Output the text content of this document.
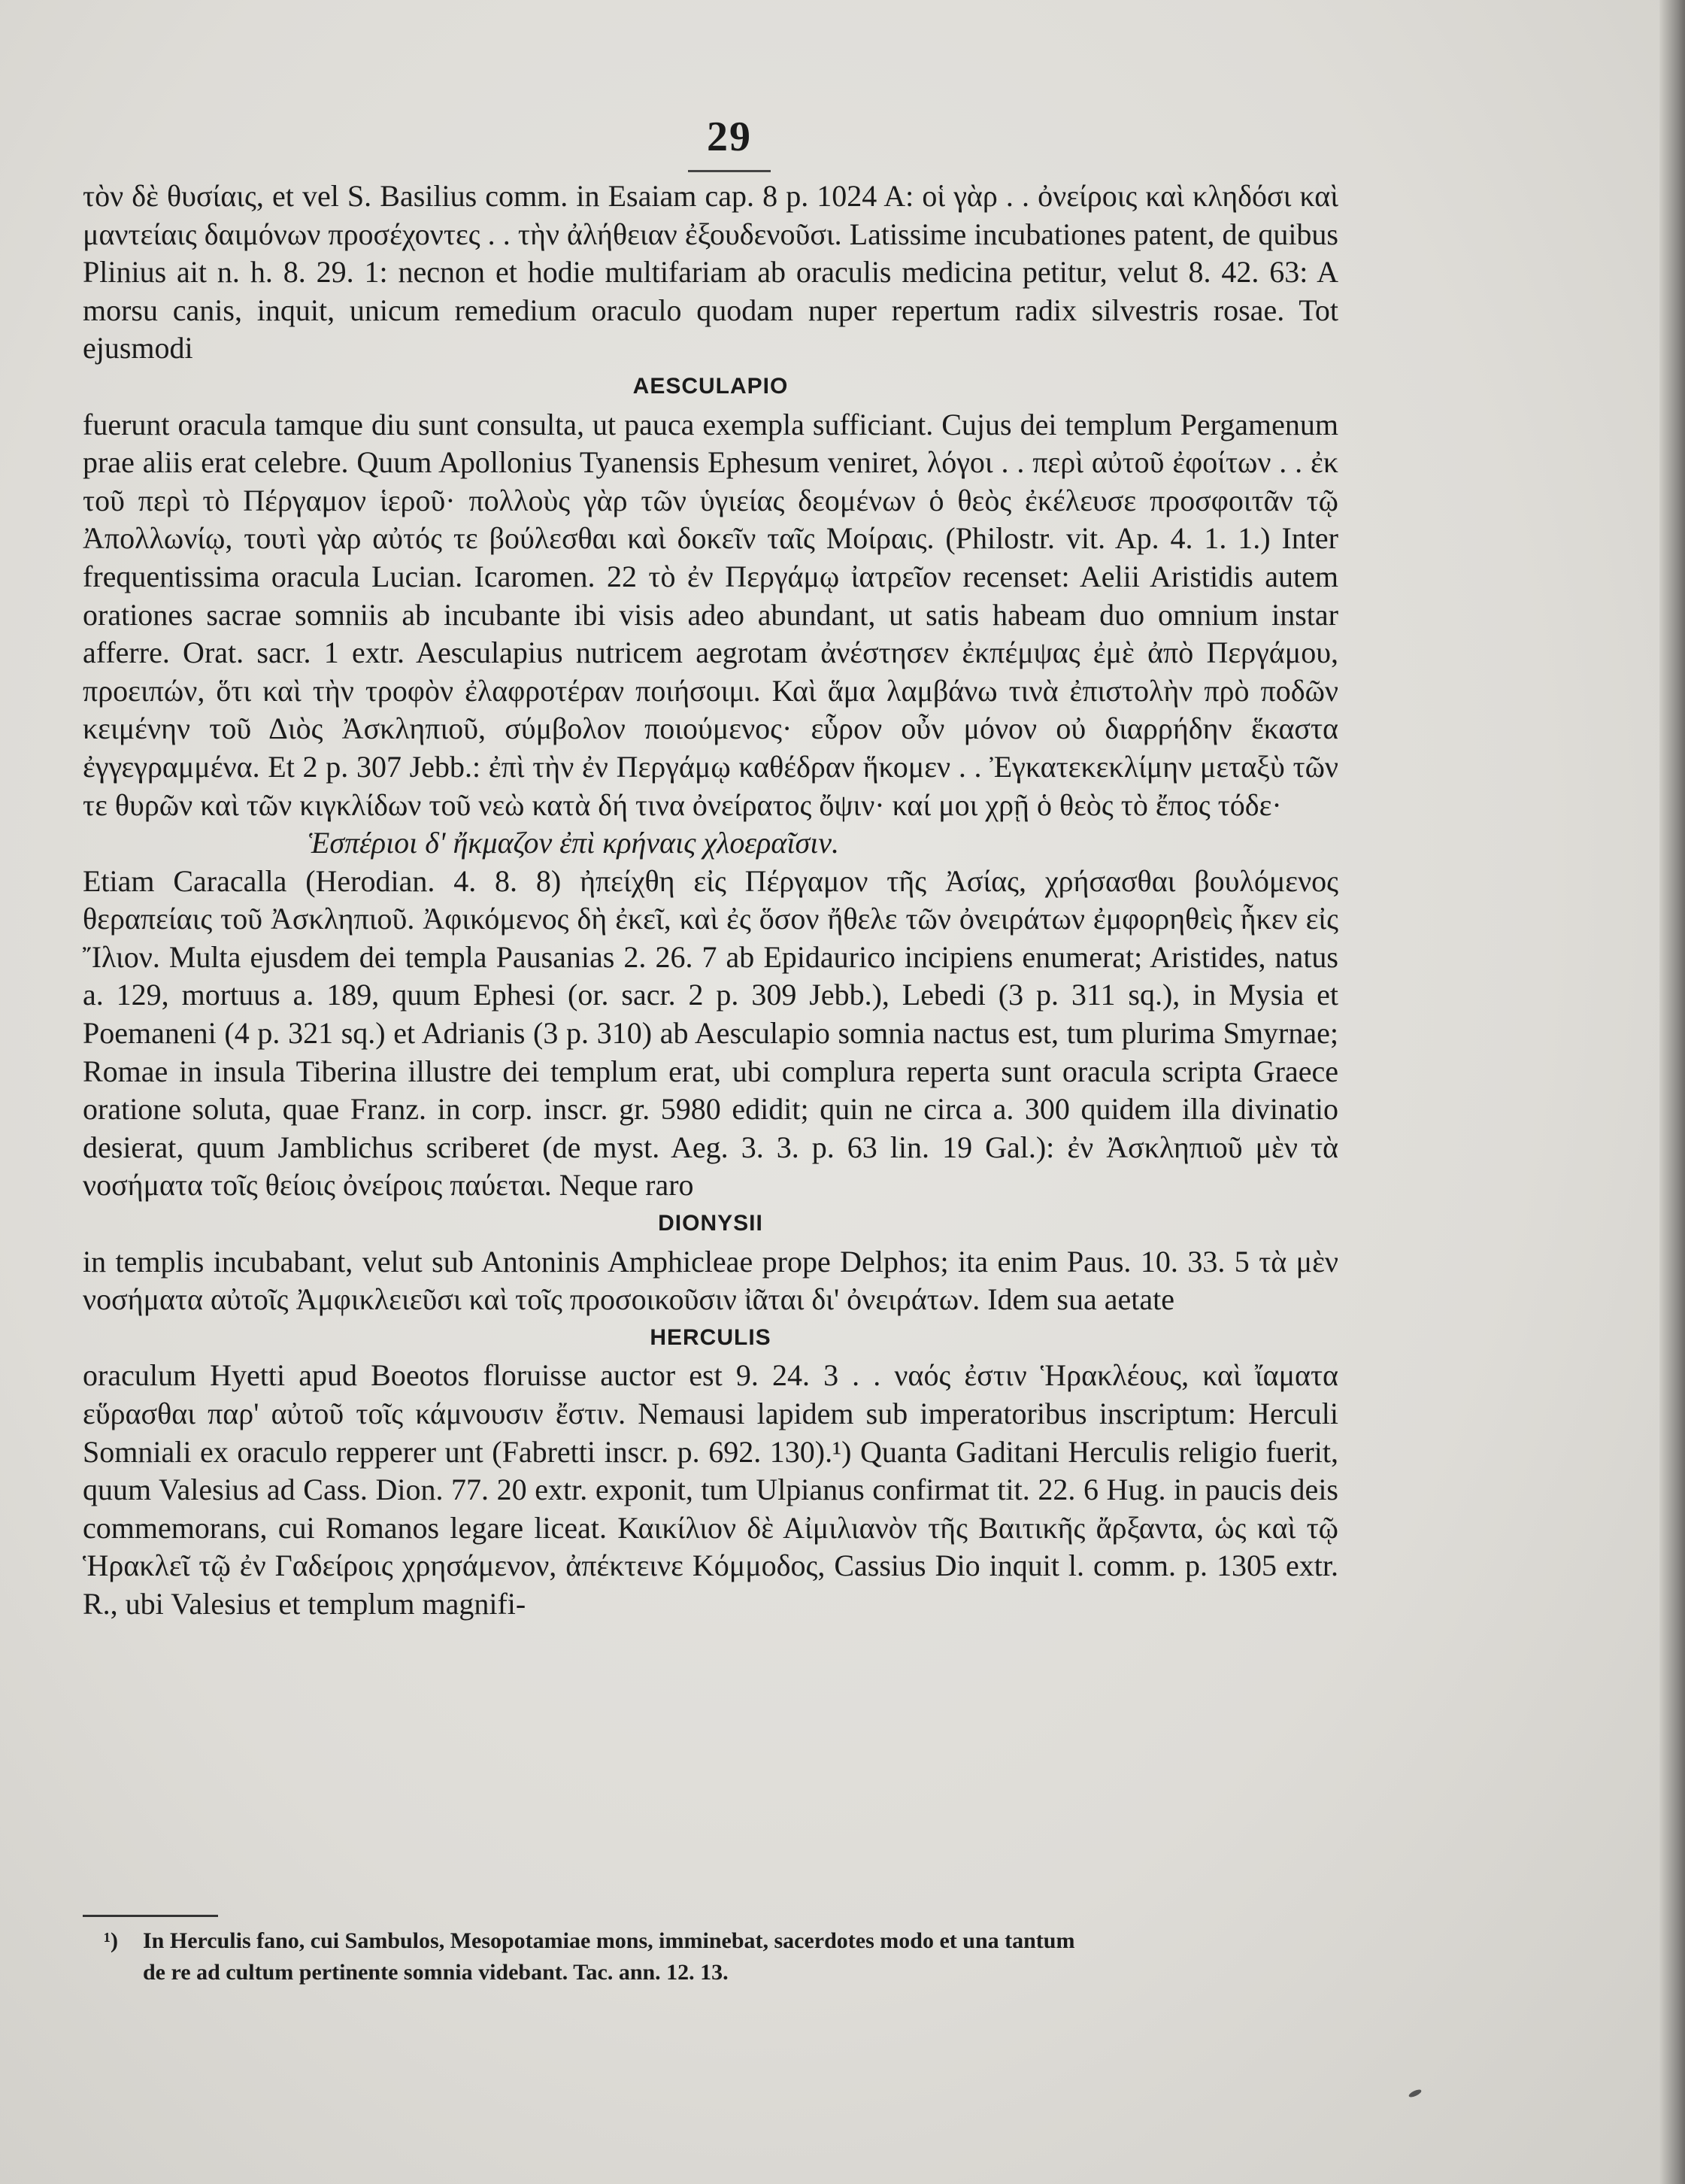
29

τὸν δὲ θυσίαις, et vel S. Basilius comm. in Esaiam cap. 8 p. 1024 A: οἱ γὰρ . . ὀνείροις καὶ κληδόσι καὶ μαντείαις δαιμόνων προσέχοντες . . τὴν ἀλήθειαν ἐξουδενοῦσι. Latissime incubationes patent, de quibus Plinius ait n. h. 8. 29. 1: necnon et hodie multifariam ab oraculis medicina petitur, velut 8. 42. 63: A morsu canis, inquit, unicum remedium oraculo quodam nuper repertum radix silvestris rosae. Tot ejusmodi

AESCULAPIO

fuerunt oracula tamque diu sunt consulta, ut pauca exempla sufficiant. Cujus dei templum Pergamenum prae aliis erat celebre. Quum Apollonius Tyanensis Ephesum veniret, λόγοι . . περὶ αὐτοῦ ἐφοίτων . . ἐκ τοῦ περὶ τὸ Πέργαμον ἱεροῦ· πολλοὺς γὰρ τῶν ὑγιείας δεομένων ὁ θεὸς ἐκέλευσε προσφοιτᾶν τῷ Ἀπολλωνίῳ, τουτὶ γὰρ αὐτός τε βούλεσθαι καὶ δοκεῖν ταῖς Μοίραις. (Philostr. vit. Ap. 4. 1. 1.) Inter frequentissima oracula Lucian. Icaromen. 22 τὸ ἐν Περγάμῳ ἰατρεῖον recenset: Aelii Aristidis autem orationes sacrae somniis ab incubante ibi visis adeo abundant, ut satis habeam duo omnium instar afferre. Orat. sacr. 1 extr. Aesculapius nutricem aegrotam ἀνέστησεν ἐκπέμψας ἐμὲ ἀπὸ Περγάμου, προειπών, ὅτι καὶ τὴν τροφὸν ἐλαφροτέραν ποιήσοιμι. Καὶ ἅμα λαμβάνω τινὰ ἐπιστολὴν πρὸ ποδῶν κειμένην τοῦ Διὸς Ἀσκληπιοῦ, σύμβολον ποιούμενος· εὗρον οὖν μόνον οὐ διαρρήδην ἕκαστα ἐγγεγραμμένα. Et 2 p. 307 Jebb.: ἐπὶ τὴν ἐν Περγάμῳ καθέδραν ἥκομεν . . Ἐγκατεκεκλίμην μεταξὺ τῶν τε θυρῶν καὶ τῶν κιγκλίδων τοῦ νεὼ κατὰ δή τινα ὀνείρατος ὄψιν· καί μοι χρῇ ὁ θεὸς τὸ ἔπος τόδε·

Ἑσπέριοι δ' ἤκμαζον ἐπὶ κρήναις χλοεραῖσιν.

Etiam Caracalla (Herodian. 4. 8. 8) ἠπείχθη εἰς Πέργαμον τῆς Ἀσίας, χρήσασθαι βουλόμενος θεραπείαις τοῦ Ἀσκληπιοῦ. Ἀφικόμενος δὴ ἐκεῖ, καὶ ἐς ὅσον ἤθελε τῶν ὀνειράτων ἐμφορηθεὶς ἧκεν εἰς Ἴλιον. Multa ejusdem dei templa Pausanias 2. 26. 7 ab Epidaurico incipiens enumerat; Aristides, natus a. 129, mortuus a. 189, quum Ephesi (or. sacr. 2 p. 309 Jebb.), Lebedi (3 p. 311 sq.), in Mysia et Poemaneni (4 p. 321 sq.) et Adrianis (3 p. 310) ab Aesculapio somnia nactus est, tum plurima Smyrnae; Romae in insula Tiberina illustre dei templum erat, ubi complura reperta sunt oracula scripta Graece oratione soluta, quae Franz. in corp. inscr. gr. 5980 edidit; quin ne circa a. 300 quidem illa divinatio desierat, quum Jamblichus scriberet (de myst. Aeg. 3. 3. p. 63 lin. 19 Gal.): ἐν Ἀσκληπιοῦ μὲν τὰ νοσήματα τοῖς θείοις ὀνείροις παύεται. Neque raro

DIONYSII

in templis incubabant, velut sub Antoninis Amphicleae prope Delphos; ita enim Paus. 10. 33. 5 τὰ μὲν νοσήματα αὐτοῖς Ἀμφικλειεῦσι καὶ τοῖς προσοικοῦσιν ἰᾶται δι' ὀνειράτων. Idem sua aetate

HERCULIS

oraculum Hyetti apud Boeotos floruisse auctor est 9. 24. 3 . . ναός ἐστιν Ἡρακλέους, καὶ ἴαματα εὕρασθαι παρ' αὐτοῦ τοῖς κάμνουσιν ἔστιν. Nemausi lapidem sub imperatoribus inscriptum: Herculi Somniali ex oraculo repperer unt (Fabretti inscr. p. 692. 130).¹) Quanta Gaditani Herculis religio fuerit, quum Valesius ad Cass. Dion. 77. 20 extr. exponit, tum Ulpianus confirmat tit. 22. 6 Hug. in paucis deis commemorans, cui Romanos legare liceat. Καικίλιον δὲ Αἰμιλιανὸν τῆς Βαιτικῆς ἄρξαντα, ὡς καὶ τῷ Ἡρακλεῖ τῷ ἐν Γαδείροις χρησάμενον, ἀπέκτεινε Κόμμοδος, Cassius Dio inquit l. comm. p. 1305 extr. R., ubi Valesius et templum magnifi-

¹) In Herculis fano, cui Sambulos, Mesopotamiae mons, imminebat, sacerdotes modo et una tantum
de re ad cultum pertinente somnia videbant. Tac. ann. 12. 13.
